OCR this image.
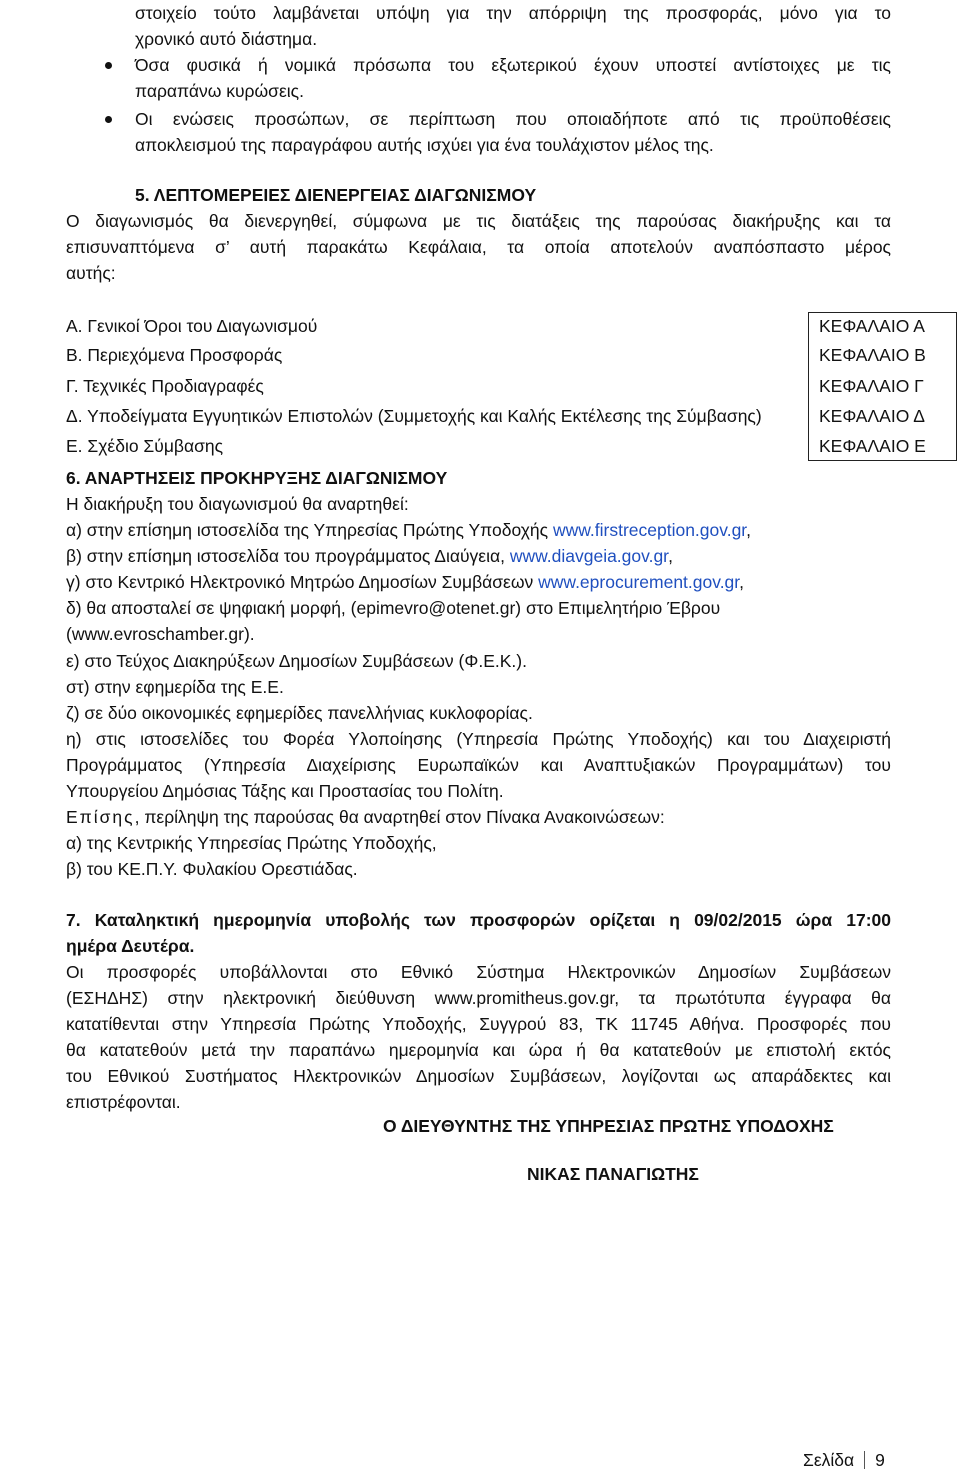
στοιχείο τούτο λαμβάνεται υπόψη για την απόρριψη της προσφοράς, μόνο για το
χρονικό αυτό διάστημα.
Όσα φυσικά ή νομικά πρόσωπα του εξωτερικού έχουν υποστεί αντίστοιχες με τις
παραπάνω κυρώσεις.
Οι ενώσεις προσώπων, σε περίπτωση που οποιαδήποτε από τις προϋποθέσεις
αποκλεισμού της παραγράφου αυτής ισχύει για ένα τουλάχιστον μέλος της.
5. ΛΕΠΤΟΜΕΡΕΙΕΣ ΔΙΕΝΕΡΓΕΙΑΣ ΔΙΑΓΩΝΙΣΜΟΥ
Ο διαγωνισμός θα διενεργηθεί, σύμφωνα με τις διατάξεις της παρούσας διακήρυξης και τα
επισυναπτόμενα σ’ αυτή παρακάτω Κεφάλαια, τα οποία αποτελούν αναπόσπαστο μέρος
αυτής:
Α. Γενικοί Όροι του Διαγωνισμού	ΚΕΦΑΛΑΙΟ Α
Β. Περιεχόμενα Προσφοράς	ΚΕΦΑΛΑΙΟ Β
Γ. Τεχνικές Προδιαγραφές	ΚΕΦΑΛΑΙΟ Γ
Δ. Υποδείγματα Εγγυητικών Επιστολών (Συμμετοχής και Καλής Εκτέλεσης της Σύμβασης)	ΚΕΦΑΛΑΙΟ Δ
Ε. Σχέδιο Σύμβασης	ΚΕΦΑΛΑΙΟ Ε
6. ΑΝΑΡΤΗΣΕΙΣ ΠΡΟΚΗΡΥΞΗΣ ΔΙΑΓΩΝΙΣΜΟΥ
Η διακήρυξη του διαγωνισμού θα αναρτηθεί:
α) στην επίσημη ιστοσελίδα της Υπηρεσίας Πρώτης Υποδοχής www.firstreception.gov.gr,
β) στην επίσημη ιστοσελίδα του προγράμματος Διαύγεια, www.diavgeia.gov.gr,
γ) στο Κεντρικό Ηλεκτρονικό Μητρώο Δημοσίων Συμβάσεων www.eprocurement.gov.gr,
δ) θα αποσταλεί σε ψηφιακή μορφή, (epimevro@otenet.gr) στο Επιμελητήριο Έβρου
(www.evroschamber.gr).
ε) στο Τεύχος Διακηρύξεων Δημοσίων Συμβάσεων (Φ.Ε.Κ.).
στ) στην εφημερίδα της Ε.Ε.
ζ) σε δύο οικονομικές εφημερίδες πανελλήνιας κυκλοφορίας.
η) στις ιστοσελίδες του Φορέα Υλοποίησης (Υπηρεσία Πρώτης Υποδοχής) και του Διαχειριστή
Προγράμματος (Υπηρεσία Διαχείρισης Ευρωπαϊκών και Αναπτυξιακών Προγραμμάτων) του
Υπουργείου Δημόσιας Τάξης και Προστασίας του Πολίτη.
Επίσης, περίληψη της παρούσας θα αναρτηθεί στον Πίνακα Ανακοινώσεων:
α) της Κεντρικής Υπηρεσίας Πρώτης Υποδοχής,
β) του ΚΕ.Π.Υ. Φυλακίου Ορεστιάδας.
7. Καταληκτική ημερομηνία υποβολής των προσφορών ορίζεται η 09/02/2015 ώρα 17:00
ημέρα Δευτέρα.
Οι προσφορές υποβάλλονται στο Εθνικό Σύστημα Ηλεκτρονικών Δημοσίων Συμβάσεων
(ΕΣΗΔΗΣ) στην ηλεκτρονική διεύθυνση www.promitheus.gov.gr, τα πρωτότυπα έγγραφα θα
κατατίθενται στην Υπηρεσία Πρώτης Υποδοχής, Συγγρού 83, ΤΚ 11745 Αθήνα. Προσφορές που
θα κατατεθούν μετά την παραπάνω ημερομηνία και ώρα ή θα κατατεθούν με επιστολή εκτός
του Εθνικού Συστήματος Ηλεκτρονικών Δημοσίων Συμβάσεων, λογίζονται ως απαράδεκτες και
επιστρέφονται.
Ο ΔΙΕΥΘΥΝΤΗΣ ΤΗΣ ΥΠΗΡΕΣΙΑΣ ΠΡΩΤΗΣ ΥΠΟΔΟΧΗΣ
ΝΙΚΑΣ ΠΑΝΑΓΙΩΤΗΣ
Σελίδα 9
